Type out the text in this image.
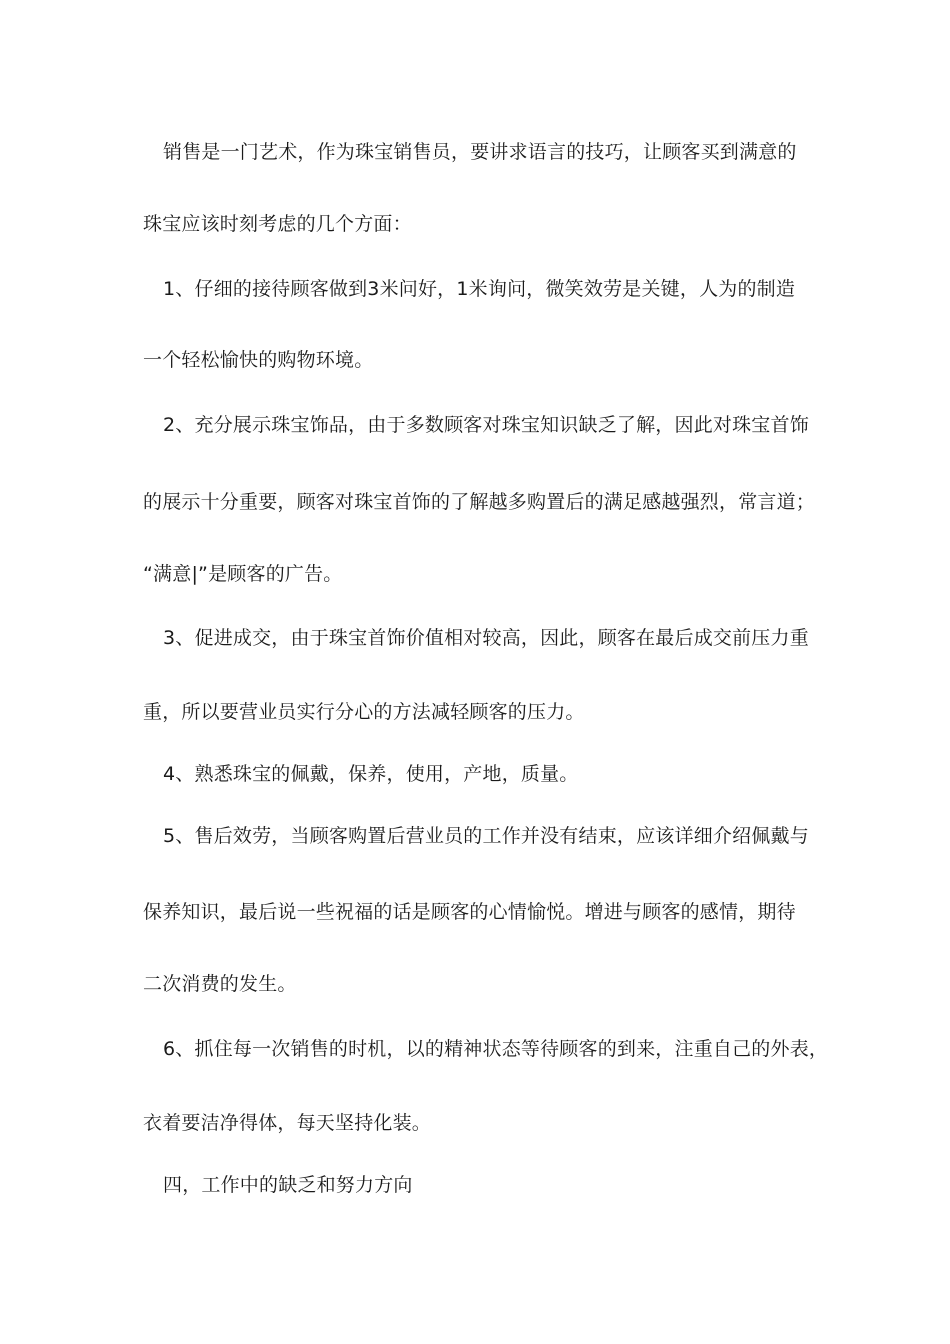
销售是一门艺术，作为珠宝销售员，要讲求语言的技巧，让顾客买到满意的
珠宝应该时刻考虑的几个方面：
1、仔细的接待顾客做到3米问好，1米询问，微笑效劳是关键，人为的制造
一个轻松愉快的购物环境。
2、充分展示珠宝饰品，由于多数顾客对珠宝知识缺乏了解，因此对珠宝首饰
的展示十分重要，顾客对珠宝首饰的了解越多购置后的满足感越强烈，常言道；
“满意|”是顾客的广告。
3、促进成交，由于珠宝首饰价值相对较高，因此，顾客在最后成交前压力重
重，所以要营业员实行分心的方法减轻顾客的压力。
4、熟悉珠宝的佩戴，保养，使用，产地，质量。
5、售后效劳，当顾客购置后营业员的工作并没有结束，应该详细介绍佩戴与
保养知识，最后说一些祝福的话是顾客的心情愉悦。增进与顾客的感情，期待
二次消费的发生。
6、抓住每一次销售的时机，以的精神状态等待顾客的到来，注重自己的外表，
衣着要洁净得体，每天坚持化装。
四，工作中的缺乏和努力方向
